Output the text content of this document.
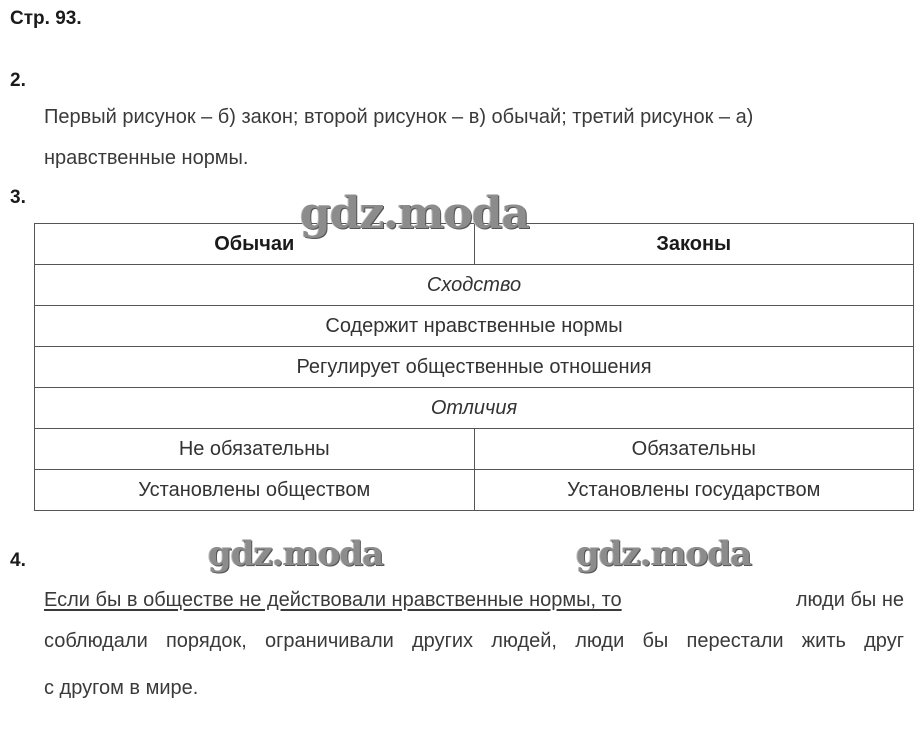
Стр. 93.
2.
Первый рисунок – б) закон; второй рисунок – в) обычай; третий рисунок – а)
нравственные нормы.
3.
Обычаи	Законы
Сходство	
Содержит нравственные нормы	
Регулирует общественные отношения	
Отличия	
Не обязательны	Обязательны
Установлены обществом	Установлены государством
gdz.moda
gdz.moda	gdz.moda
4.
Если бы в обществе не действовали нравственные нормы, то	люди бы не
соблюдали порядок, ограничивали других людей, люди бы перестали жить друг
с другом в мире.
